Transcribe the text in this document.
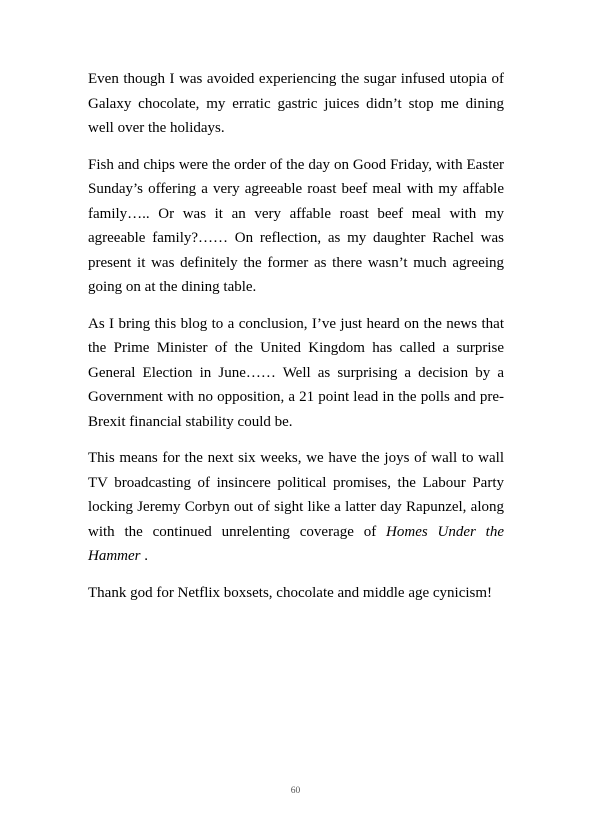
Even though I was avoided experiencing the sugar infused utopia of Galaxy chocolate, my erratic gastric juices didn’t stop me dining well over the holidays.

Fish and chips were the order of the day on Good Friday, with Easter Sunday’s offering a very agreeable roast beef meal with my affable family….. Or was it an very affable roast beef meal with my agreeable family?…… On reflection, as my daughter Rachel was present it was definitely the former as there wasn’t much agreeing going on at the dining table.

As I bring this blog to a conclusion, I’ve just heard on the news that the Prime Minister of the United Kingdom has called a surprise General Election in June…… Well as surprising a decision by a Government with no opposition, a 21 point lead in the polls and pre-Brexit financial stability could be.

This means for the next six weeks, we have the joys of wall to wall TV broadcasting of insincere political promises, the Labour Party locking Jeremy Corbyn out of sight like a latter day Rapunzel, along with the continued unrelenting coverage of Homes Under the Hammer .

Thank god for Netflix boxsets, chocolate and middle age cynicism!

60
